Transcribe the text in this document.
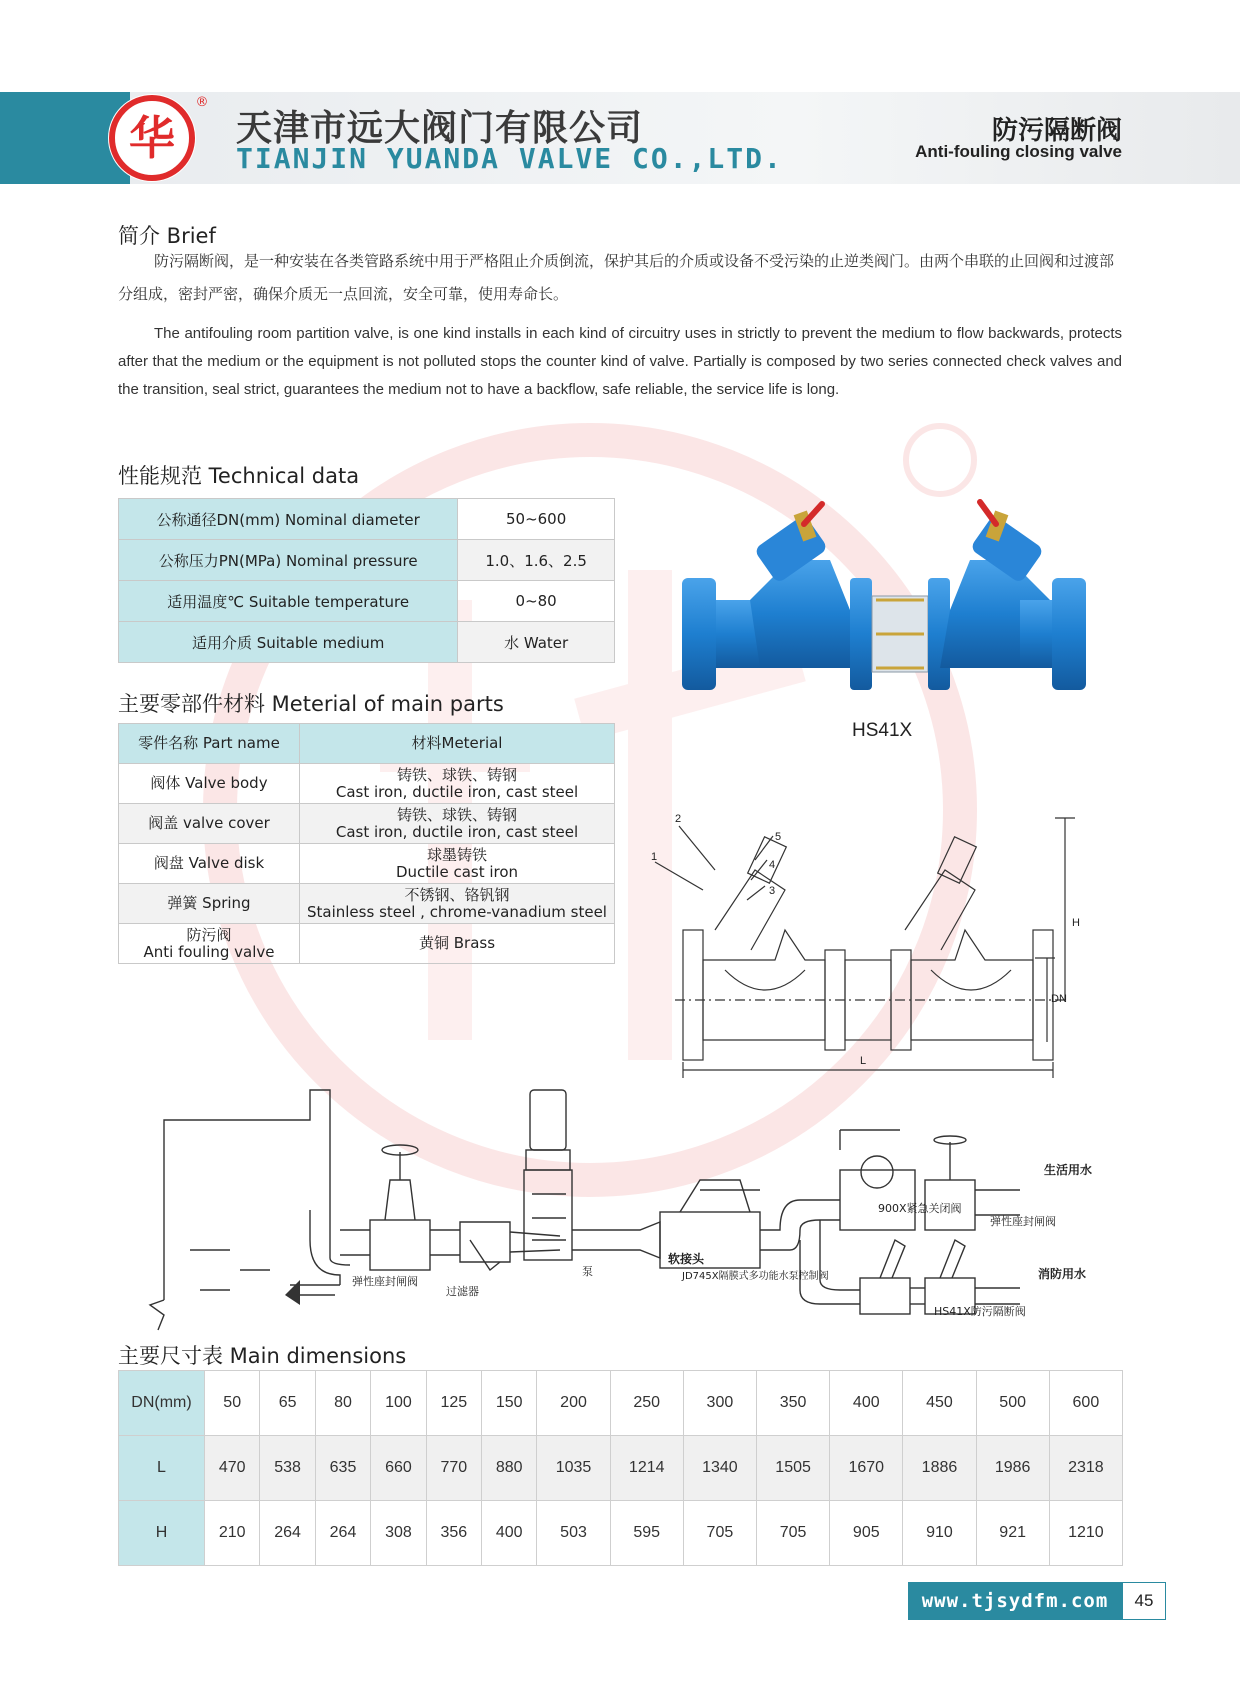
华
®
天津市远大阀门有限公司
TIANJIN YUANDA VALVE CO.,LTD.
防污隔断阀
Anti-fouling closing valve
简介 Brief
防污隔断阀，是一种安装在各类管路系统中用于严格阻止介质倒流，保护其后的介质或设备不受污染的止逆类阀门。由两个串联的止回阀和过渡部分组成，密封严密，确保介质无一点回流，安全可靠，使用寿命长。
The antifouling room partition valve, is one kind installs in each kind of circuitry uses in strictly to prevent the medium to flow backwards, protects after that the medium or the equipment is not polluted stops the counter kind of valve. Partially is composed by two series connected check valves and the transition, seal strict, guarantees the medium not to have a backflow, safe reliable, the service life is long.
性能规范 Technical data
公称通径DN(mm) Nominal diameter	50~600
公称压力PN(MPa) Nominal pressure	1.0、1.6、2.5
适用温度℃ Suitable temperature	0~80
适用介质 Suitable medium	水 Water
主要零部件材料 Meterial of main parts
零件名称 Part name	材料Meterial
阀体 Valve body	铸铁、球铁、铸钢
Cast iron, ductile iron, cast steel

阀盖 valve cover	铸铁、球铁、铸钢
Cast iron, ductile iron, cast steel

阀盘 Valve disk	球墨铸铁
Ductile cast iron

弹簧 Spring	不锈钢、铬钒钢
Stainless steel , chrome-vanadium steel

防污阀
Anti fouling valve	黄铜 Brass
HS41X
1
2
3
4
5
H
DN
L
弹性座封闸阀
过滤器
泵
软接头
JD745X隔膜式多功能水泵控制阀
900X紧急关闭阀
弹性座封闸阀
生活用水
消防用水
HS41X防污隔断阀
主要尺寸表 Main dimensions
DN(mm)	50	65	80	100	125	150	200	250	300	350	400	450	500	600
L	470	538	635	660	770	880	1035	1214	1340	1505	1670	1886	1986	2318
H	210	264	264	308	356	400	503	595	705	705	905	910	921	1210
www.tjsydfm.com	45
